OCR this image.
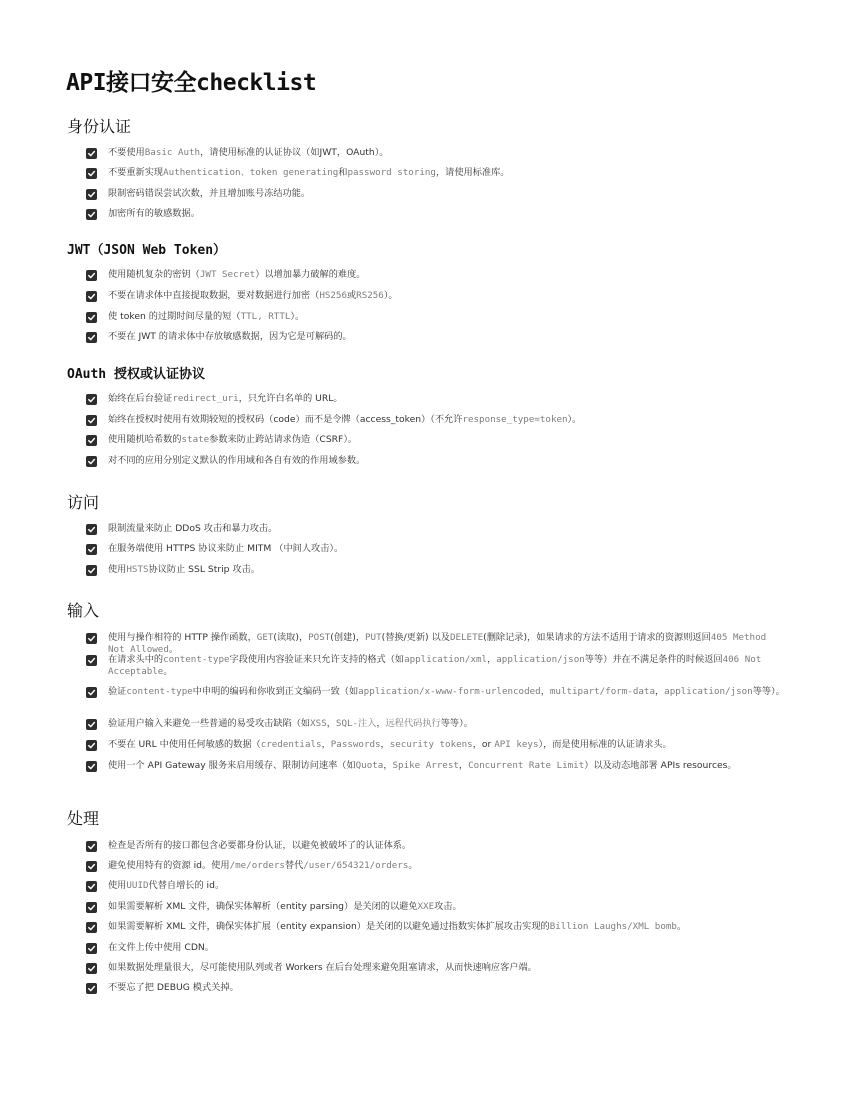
API接口安全checklist
身份认证
不要使用Basic Auth，请使用标准的认证协议（如JWT，OAuth）。
不要重新实现Authentication、token generating和password storing，请使用标准库。
限制密码错误尝试次数，并且增加账号冻结功能。
加密所有的敏感数据。
JWT（JSON Web Token）
使用随机复杂的密钥（JWT Secret）以增加暴力破解的难度。
不要在请求体中直接提取数据，要对数据进行加密（HS256或RS256）。
使 token 的过期时间尽量的短（TTL, RTTL）。
不要在 JWT 的请求体中存放敏感数据，因为它是可解码的。
OAuth 授权或认证协议
始终在后台验证redirect_uri，只允许白名单的 URL。
始终在授权时使用有效期较短的授权码（code）而不是令牌（access_token）（不允许response_type=token）。
使用随机哈希数的state参数来防止跨站请求伪造（CSRF）。
对不同的应用分别定义默认的作用域和各自有效的作用域参数。
访问
限制流量来防止 DDoS 攻击和暴力攻击。
在服务端使用 HTTPS 协议来防止 MITM （中间人攻击）。
使用HSTS协议防止 SSL Strip 攻击。
输入
使用与操作相符的 HTTP 操作函数，GET(读取)，POST(创建)，PUT(替换/更新) 以及DELETE(删除记录)，如果请求的方法不适用于请求的资源则返回405 Method Not Allowed。
在请求头中的content-type字段使用内容验证来只允许支持的格式（如application/xml，application/json等等）并在不满足条件的时候返回406 Not Acceptable。
验证content-type中申明的编码和你收到正文编码一致（如application/x-www-form-urlencoded，multipart/form-data，application/json等等）。
验证用户输入来避免一些普通的易受攻击缺陷（如XSS，SQL-注入，远程代码执行等等）。
不要在 URL 中使用任何敏感的数据（credentials，Passwords，security tokens，or API keys），而是使用标准的认证请求头。
使用一个 API Gateway 服务来启用缓存、限制访问速率（如Quota，Spike Arrest，Concurrent Rate Limit）以及动态地部署 APIs resources。
处理
检查是否所有的接口都包含必要都身份认证，以避免被破坏了的认证体系。
避免使用特有的资源 id。使用/me/orders替代/user/654321/orders。
使用UUID代替自增长的 id。
如果需要解析 XML 文件，确保实体解析（entity parsing）是关闭的以避免XXE攻击。
如果需要解析 XML 文件，确保实体扩展（entity expansion）是关闭的以避免通过指数实体扩展攻击实现的Billion Laughs/XML bomb。
在文件上传中使用 CDN。
如果数据处理量很大，尽可能使用队列或者 Workers 在后台处理来避免阻塞请求，从而快速响应客户端。
不要忘了把 DEBUG 模式关掉。
